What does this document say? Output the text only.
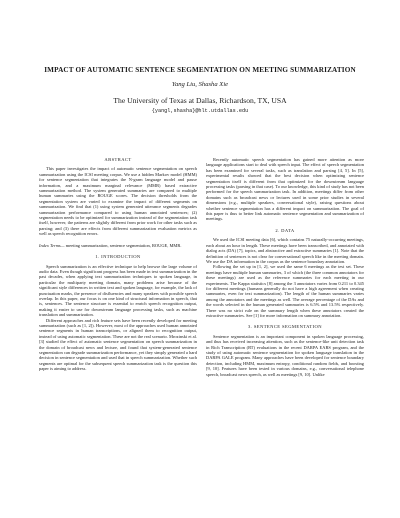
IMPACT OF AUTOMATIC SENTENCE SEGMENTATION ON MEETING SUMMARIZATION
Yang Liu, Shasha Xie
The University of Texas at Dallas, Richardson, TX, USA
{yangl,shasha}@hlt.utdallas.edu
ABSTRACT

This paper investigates the impact of automatic sentence segmentation on speech summarization using the ICSI meeting corpus. We use a hidden Markov model (HMM) for sentence segmentation that integrates the N-gram language model and pause information, and a maximum marginal relevance (MMR) based extractive summarization method. The system generated summaries are compared to multiple human summaries using the ROUGE scores. The decision thresholds from the segmentation system are varied to examine the impact of different segments on summarization. We find that (1) using system generated utterance segments degrades summarization performance compared to using human annotated sentences; (2) segmentation needs to be optimized for summarization instead of the segmentation task itself, however, the patterns are slightly different from prior work for other tasks such as parsing; and (3) there are effects from different summarization evaluation metrics as well as speech recognition errors.

Index Terms— meeting summarization, sentence segmentation, ROUGE, MMR.

1. INTRODUCTION

Speech summarization is an effective technique to help browse the large volume of audio data. Even though significant progress has been made in text summarization in the past decades, when applying text summarization techniques to spoken language, in particular the multiparty meeting domain, many problems arise because of the significant style differences in written text and spoken language, for example, the lack of punctuation marks, the presence of disfluencies and many speakers with possible speech overlap. In this paper, our focus is on one kind of structural information in speech, that is, sentences. The sentence structure is essential to enrich speech recognition output, making it easier to use for downstream language processing tasks, such as machine translation and summarization.

Different approaches and rich feature sets have been recently developed for meeting summarization (such as [1, 2]). However, most of the approaches used human annotated sentence segments in human transcriptions, or aligned them to recognition output, instead of using automatic segmentation. These are not the real scenario. Mrozinski et al. [3] studied the effect of automatic sentence segmentation on speech summarization in the domain of broadcast news and lecture, and found that system-generated sentence segmentation can degrade summarization performance, yet they simply generated a hard decision in sentence segmentation and used that in speech summarization. Whether such segments are optimal for the subsequent speech summarization task is the question this paper is aiming to address.

Recently automatic speech segmentation has gained more attention as more language applications start to deal with speech input. The effect of speech segmentation has been examined for several tasks, such as translation and parsing [4, 5]. In [5], experimental results showed that the best decision when optimizing sentence segmentation itself is different from that optimized for the downstream language processing tasks (parsing in that case). To our knowledge, this kind of study has not been performed for the speech summarization task. In addition, meetings differ from other domains such as broadcast news or lectures used in some prior studies in several dimensions (e.g., multiple speakers, conversational style), raising questions about whether sentence segmentation has a different impact on summarization. The goal of this paper is thus to better link automatic sentence segmentation and summarization of meetings.

2. DATA

We used the ICSI meeting data [6], which contains 75 naturally-occurring meetings, each about an hour in length. These meetings have been transcribed, and annotated with dialog acts (DA) [7], topics, and abstractive and extractive summaries [1]. Note that the definition of sentences is not clear for conversational speech like in the meeting domain. We use the DA information in the corpus as the sentence boundary annotation.

Following the set up in [1, 2], we used the same 6 meetings as the test set. These meetings have multiple human summaries, 3 of which (the three common annotators for these meetings) are used as the reference summaries for each meeting in our experiments. The Kappa statistics [8] among the 3 annotators varies from 0.211 to 0.345 for different meetings (humans generally do not have a high agreement when creating summaries, even for text summarization). The length of the human summaries varies among the annotators and the meetings as well. The average percentage of the DAs and the words selected in the human generated summaries is 6.5% and 13.5% respectively. There was no strict rule on the summary length when these annotators created the extractive summaries. See [1] for more information on summary annotation.

3. SENTENCE SEGMENTATION

Sentence segmentation is an important component in spoken language processing, and thus has received increasing attention, such as the sentence-like unit detection task in Rich Transcription (RT) evaluations in the recent DARPA EARS program, and the study of using automatic sentence segmentation for spoken language translation in the DARPA GALE program. Many approaches have been developed for sentence boundary detection, including HMM, maximum entropy, conditional random fields, and boosting [9, 10]. Features have been tested in various domains, e.g., conversational telephone speech, broadcast news speech, as well as meetings [9, 10]. Unlike
